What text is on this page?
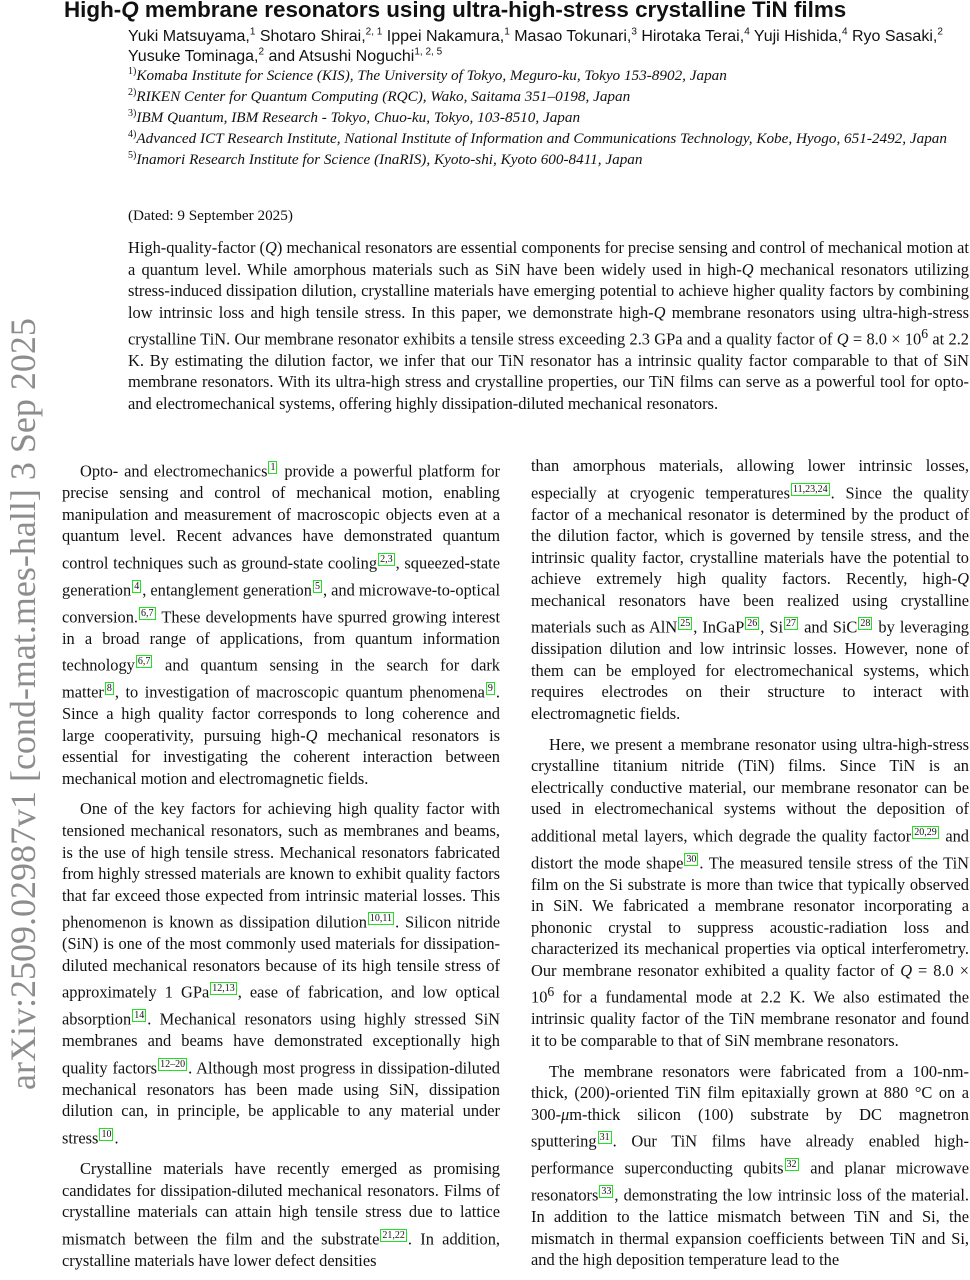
arXiv:2509.02987v1 [cond-mat.mes-hall] 3 Sep 2025
High-Q membrane resonators using ultra-high-stress crystalline TiN films
Yuki Matsuyama,$^1$ Shotaro Shirai,$^{2, 1}$ Ippei Nakamura,$^1$ Masao Tokunari,$^3$ Hirotaka Terai,$^4$ Yuji Hishida,$^4$ Ryo Sasaki,$^2$ Yusuke Tominaga,$^2$ and Atsushi Noguchi$^{1, 2, 5}$
$^{1)}$Komaba Institute for Science (KIS), The University of Tokyo, Meguro-ku, Tokyo 153-8902, Japan
$^{2)}$RIKEN Center for Quantum Computing (RQC), Wako, Saitama 351–0198, Japan
$^{3)}$IBM Quantum, IBM Research - Tokyo, Chuo-ku, Tokyo, 103-8510, Japan
$^{4)}$Advanced ICT Research Institute, National Institute of Information and Communications Technology, Kobe, Hyogo, 651-2492, Japan
$^{5)}$Inamori Research Institute for Science (InaRIS), Kyoto-shi, Kyoto 600-8411, Japan
(Dated: 9 September 2025)
High-quality-factor (Q) mechanical resonators are essential components for precise sensing and control of mechanical motion at a quantum level. While amorphous materials such as SiN have been widely used in high-Q mechanical resonators utilizing stress-induced dissipation dilution, crystalline materials have emerging potential to achieve higher quality factors by combining low intrinsic loss and high tensile stress. In this paper, we demonstrate high-Q membrane resonators using ultra-high-stress crystalline TiN. Our membrane resonator exhibits a tensile stress exceeding 2.3 GPa and a quality factor of $Q = 8.0 \times 10^6$ at 2.2 K. By estimating the dilution factor, we infer that our TiN resonator has a intrinsic quality factor comparable to that of SiN membrane resonators. With its ultra-high stress and crystalline properties, our TiN films can serve as a powerful tool for opto- and electromechanical systems, offering highly dissipation-diluted mechanical resonators.

Opto- and electromechanics $^1$ provide a powerful platform for precise sensing and control of mechanical motion, enabling manipulation and measurement of macroscopic objects even at a quantum level. Recent advances have demonstrated quantum control techniques such as ground-state cooling $^{2,3}$ , squeezed-state generation $^4$ , entanglement generation $^5$ , and microwave-to-optical conversion. $^{6,7}$ These developments have spurred growing interest in a broad range of applications, from quantum information technology $^{6,7}$ and quantum sensing in the search for dark matter $^8$ , to investigation of macroscopic quantum phenomena $^9$ . Since a high quality factor corresponds to long coherence and large cooperativity, pursuing high-Q mechanical resonators is essential for investigating the coherent interaction between mechanical motion and electromagnetic fields.

One of the key factors for achieving high quality factor with tensioned mechanical resonators, such as membranes and beams, is the use of high tensile stress. Mechanical resonators fabricated from highly stressed materials are known to exhibit quality factors that far exceed those expected from intrinsic material losses. This phenomenon is known as dissipation dilution $^{10,11}$ . Silicon nitride (SiN) is one of the most commonly used materials for dissipation-diluted mechanical resonators because of its high tensile stress of approximately 1 GPa $^{12,13}$ , ease of fabrication, and low optical absorption $^{14}$ . Mechanical resonators using highly stressed SiN membranes and beams have demonstrated exceptionally high quality factors $^{12-20}$ . Although most progress in dissipation-diluted mechanical resonators has been made using SiN, dissipation dilution can, in principle, be applicable to any material under stress $^{10}$ .

Crystalline materials have recently emerged as promising candidates for dissipation-diluted mechanical resonators. Films of crystalline materials can attain high tensile stress due to lattice mismatch between the film and the substrate $^{21,22}$ . In addition, crystalline materials have lower defect densities

than amorphous materials, allowing lower intrinsic losses, especially at cryogenic temperatures $^{11,23,24}$ . Since the quality factor of a mechanical resonator is determined by the product of the dilution factor, which is governed by tensile stress, and the intrinsic quality factor, crystalline materials have the potential to achieve extremely high quality factors. Recently, high-Q mechanical resonators have been realized using crystalline materials such as AlN $^{25}$ , InGaP $^{26}$ , Si $^{27}$ and SiC $^{28}$ by leveraging dissipation dilution and low intrinsic losses. However, none of them can be employed for electromechanical systems, which requires electrodes on their structure to interact with electromagnetic fields.

Here, we present a membrane resonator using ultra-high-stress crystalline titanium nitride (TiN) films. Since TiN is an electrically conductive material, our membrane resonator can be used in electromechanical systems without the deposition of additional metal layers, which degrade the quality factor $^{20,29}$ and distort the mode shape $^{30}$ . The measured tensile stress of the TiN film on the Si substrate is more than twice that typically observed in SiN. We fabricated a membrane resonator incorporating a phononic crystal to suppress acoustic-radiation loss and characterized its mechanical properties via optical interferometry. Our membrane resonator exhibited a quality factor of $Q = 8.0 \times 10^6$ for a fundamental mode at 2.2 K. We also estimated the intrinsic quality factor of the TiN membrane resonator and found it to be comparable to that of SiN membrane resonators.

The membrane resonators were fabricated from a 100-nm-thick, (200)-oriented TiN film epitaxially grown at 880 °C on a 300-μm-thick silicon (100) substrate by DC magnetron sputtering $^{31}$ . Our TiN films have already enabled high-performance superconducting qubits $^{32}$ and planar microwave resonators $^{33}$ , demonstrating the low intrinsic loss of the material. In addition to the lattice mismatch between TiN and Si, the mismatch in thermal expansion coefficients between TiN and Si, and the high deposition temperature lead to the
